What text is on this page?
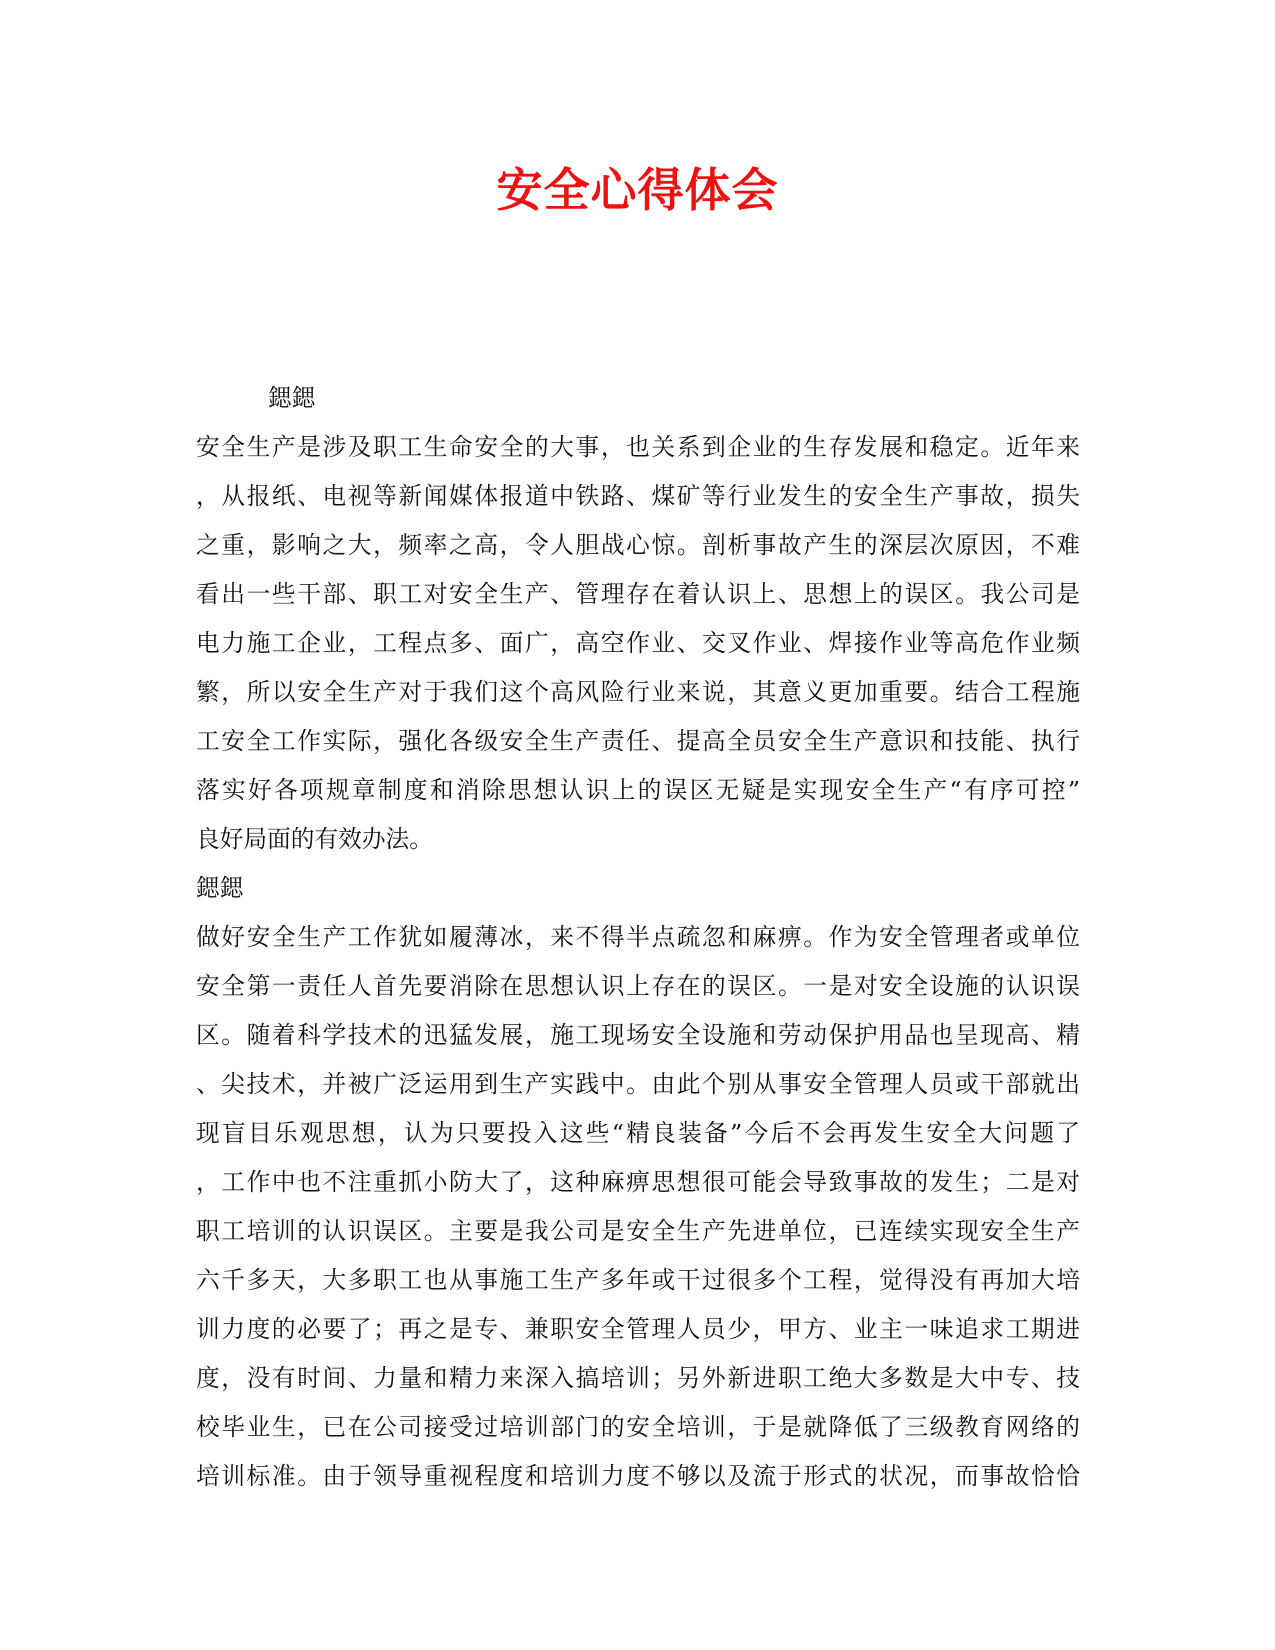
安全心得体会
鍶鍶
安全生产是涉及职工生命安全的大事，也关系到企业的生存发展和稳定。近年来
，从报纸、电视等新闻媒体报道中铁路、煤矿等行业发生的安全生产事故，损失
之重，影响之大，频率之高，令人胆战心惊。剖析事故产生的深层次原因，不难
看出一些干部、职工对安全生产、管理存在着认识上、思想上的误区。我公司是
电力施工企业，工程点多、面广，高空作业、交叉作业、焊接作业等高危作业频
繁，所以安全生产对于我们这个高风险行业来说，其意义更加重要。结合工程施
工安全工作实际，强化各级安全生产责任、提高全员安全生产意识和技能、执行
落实好各项规章制度和消除思想认识上的误区无疑是实现安全生产“有序可控”
良好局面的有效办法。
鍶鍶
做好安全生产工作犹如履薄冰，来不得半点疏忽和麻痹。作为安全管理者或单位
安全第一责任人首先要消除在思想认识上存在的误区。一是对安全设施的认识误
区。随着科学技术的迅猛发展，施工现场安全设施和劳动保护用品也呈现高、精
、尖技术，并被广泛运用到生产实践中。由此个别从事安全管理人员或干部就出
现盲目乐观思想，认为只要投入这些“精良装备”今后不会再发生安全大问题了
，工作中也不注重抓小防大了，这种麻痹思想很可能会导致事故的发生；二是对
职工培训的认识误区。主要是我公司是安全生产先进单位，已连续实现安全生产
六千多天，大多职工也从事施工生产多年或干过很多个工程，觉得没有再加大培
训力度的必要了；再之是专、兼职安全管理人员少，甲方、业主一味追求工期进
度，没有时间、力量和精力来深入搞培训；另外新进职工绝大多数是大中专、技
校毕业生，已在公司接受过培训部门的安全培训，于是就降低了三级教育网络的
培训标准。由于领导重视程度和培训力度不够以及流于形式的状况，而事故恰恰
